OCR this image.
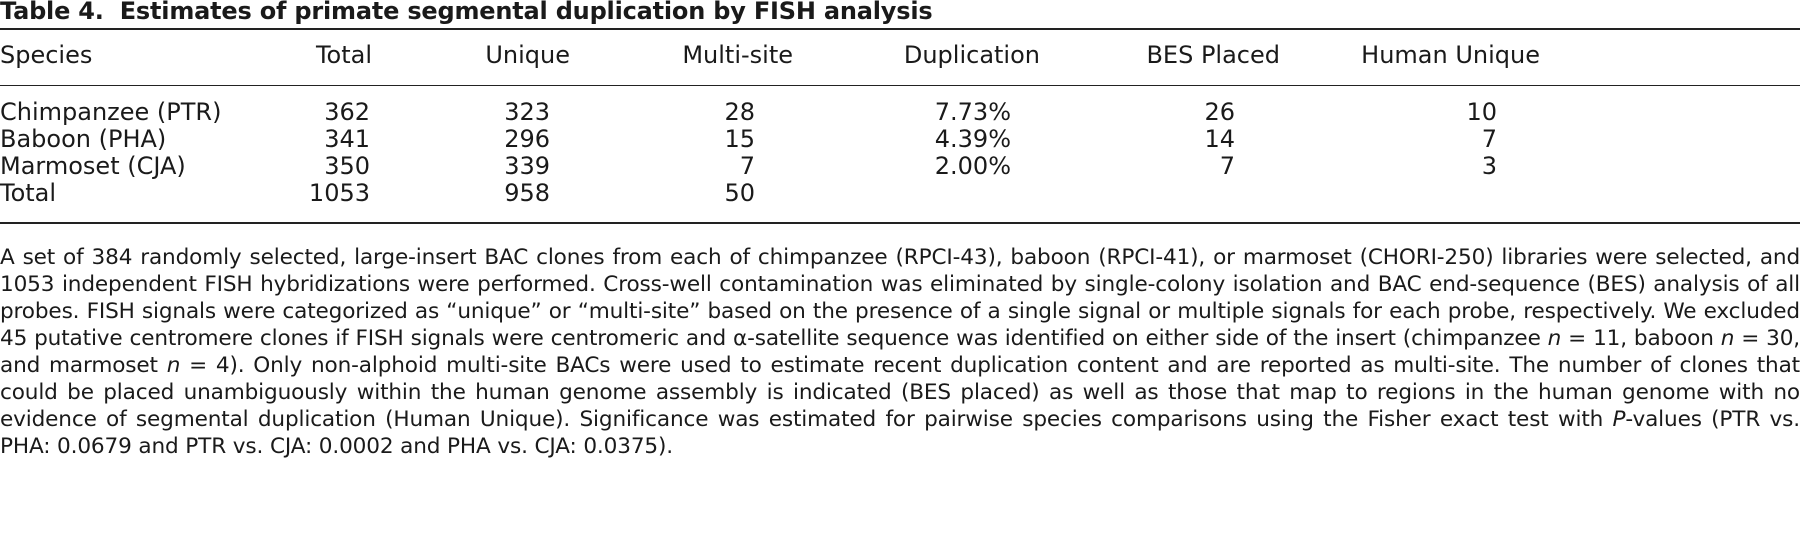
Table 4. Estimates of primate segmental duplication by FISH analysis
Species	Total	Unique	Multi-site	Duplication	BES Placed	Human Unique
Chimpanzee (PTR)	362	323	28	7.73%	26	10
Baboon (PHA)	341	296	15	4.39%	14	7
Marmoset (CJA)	350	339	7	2.00%	7	3
Total	1053	958	50

A set of 384 randomly selected, large-insert BAC clones from each of chimpanzee (RPCI-43), baboon (RPCI-41), or marmoset (CHORI-250) libraries were selected, and 1053 independent FISH hybridizations were performed. Cross-well contamination was eliminated by single-colony isolation and BAC end-sequence (BES) analysis of all probes. FISH signals were categorized as “unique” or “multi-site” based on the presence of a single signal or multiple signals for each probe, respectively. We excluded 45 putative centromere clones if FISH signals were centromeric and α-satellite sequence was identified on either side of the insert (chimpanzee n = 11, baboon n = 30, and marmoset n = 4). Only non-alphoid multi-site BACs were used to estimate recent duplication content and are reported as multi-site. The number of clones that could be placed unambiguously within the human genome assembly is indicated (BES placed) as well as those that map to regions in the human genome with no evidence of segmental duplication (Human Unique). Significance was estimated for pairwise species comparisons using the Fisher exact test with P-values (PTR vs. PHA: 0.0679 and PTR vs. CJA: 0.0002 and PHA vs. CJA: 0.0375).
